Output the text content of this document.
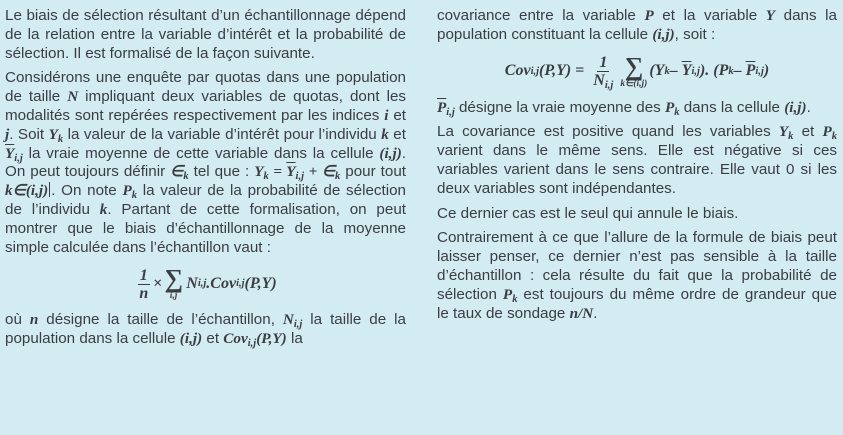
Le biais de sélection résultant d’un échantillonnage dépend de la relation entre la variable d’intérêt et la probabilité de sélection. Il est formalisé de la façon suivante.

Considérons une enquête par quotas dans une population de taille N impliquant deux variables de quotas, dont les modalités sont repérées respectivement par les indices i et j. Soit $Y_k$ la valeur de la variable d’intérêt pour l’individu k et $\overline{Y}_{i,j}$ la vraie moyenne de cette variable dans la cellule (i,j). On peut toujours définir $\in_k$ tel que : $Y_k = \overline{Y}_{i,j}$ + $\in_k$ pour tout k∈(i,j) . On note $P_k$ la valeur de la probabilité de sélection de l’individu k. Partant de cette formalisation, on peut montrer que le biais d’échantillonnage de la moyenne simple calculée dans l’échantillon vaut :

$\frac{1}{n}$ × ∑
i,j

N i,j . Cov i,j (P,Y)

où n désigne la taille de l’échantillon, $N_{i,j}$ la taille de la population dans la cellule (i,j) et Cov$_{i,j}$(P,Y) la

covariance entre la variable P et la variable Y dans la population constituant la cellule (i,j), soit :

Cov i,j $(P,Y) = \frac{1}{N_{i,j}}$ ∑
k∈(i,j)
(Y k – $\overline{Y}$ i,j ). (P k – $\overline{P}$ i,j )

$\overline{P}_{i,j}$ désigne la vraie moyenne des $P_k$ dans la cellule (i,j).

La covariance est positive quand les variables $Y_k$ et $P_k$ varient dans le même sens. Elle est négative si ces variables varient dans le sens contraire. Elle vaut 0 si les deux variables sont indépendantes.

Ce dernier cas est le seul qui annule le biais.

Contrairement à ce que l’allure de la formule de biais peut laisser penser, ce dernier n’est pas sensible à la taille d’échantillon : cela résulte du fait que la probabilité de sélection $P_k$ est toujours du même ordre de grandeur que le taux de sondage n/N.
